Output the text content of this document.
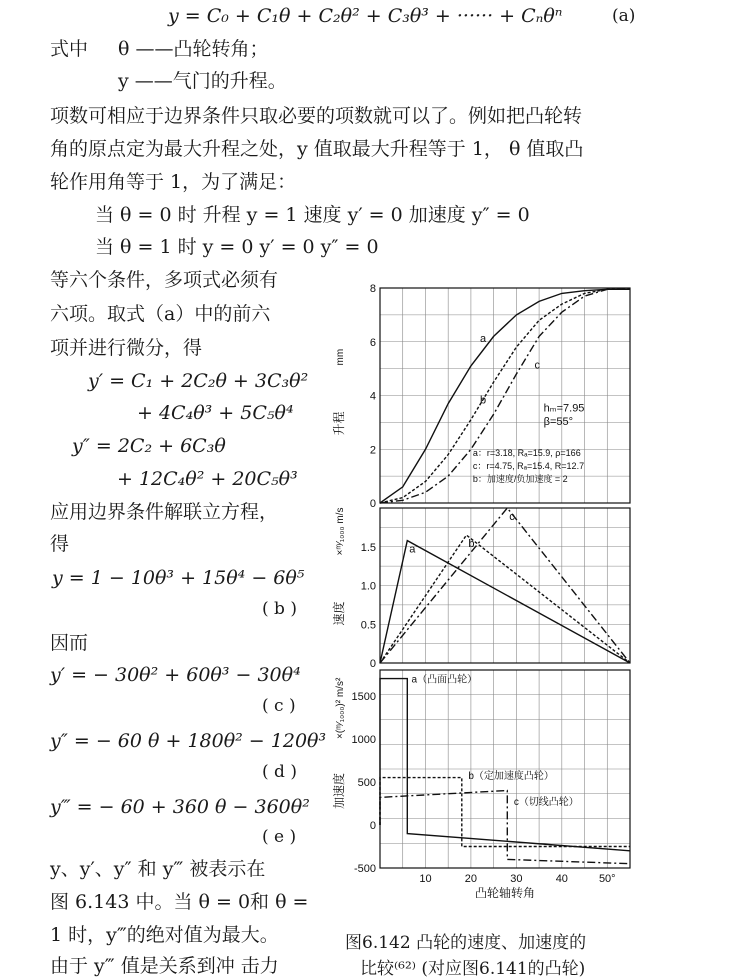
y = C₀ + C₁θ + C₂θ² + C₃θ³ + ······ + Cₙθⁿ	(a)
式中 θ ——凸轮转角；
y ——气门的升程。
项数可相应于边界条件只取必要的项数就可以了。例如把凸轮转
角的原点定为最大升程之处，y 值取最大升程等于 1， θ 值取凸
轮作用角等于 1，为了满足：
当 θ = 0 时 升程 y = 1 速度 y′ = 0 加速度 y″ = 0
当 θ = 1 时 y = 0 y′ = 0 y″ = 0
等六个条件，多项式必须有
六项。取式（a）中的前六
项并进行微分，得
y′ = C₁ + 2C₂θ + 3C₃θ²
+ 4C₄θ³ + 5C₅θ⁴
y″ = 2C₂ + 6C₃θ
+ 12C₄θ² + 20C₅θ³
应用边界条件解联立方程，
得
y = 1 − 10θ³ + 15θ⁴ − 6θ⁵
( b )
因而
y′ = − 30θ² + 60θ³ − 30θ⁴
( c )
y″ = − 60 θ + 180θ² − 120θ³
( d )
y‴ = − 60 + 360 θ − 360θ²
( e )
y、y′、y″ 和 y‴ 被表示在
图 6.143 中。当 θ = 0和 θ =
1 时，y‴的绝对值为最大。
由于 y‴ 值是关系到冲 击力
0
2
4
6
8
升程
mm
a
b
c
hₘ=7.95
β=55°
a：r=3.18, Rₐ=15.9, ρ=166
c：r=4.75, Rₐ=15.4, R=12.7
b：加速度/负加速度 = 2
0
0.5
1.0
1.5
速度
×ᵐ⁄₁₀₀₀ m/s	a	b
c
-500
0
500
1000
1500
加速度
×(ᵐ⁄₁₀₀₀)² m/s²	a（凸面凸轮）
b（定加速度凸轮）
c（切线凸轮）
10	20	30	40	50°
凸轮轴转角
图6.142 凸轮的速度、加速度的
比较⁽⁶²⁾ (对应图6.141的凸轮)
